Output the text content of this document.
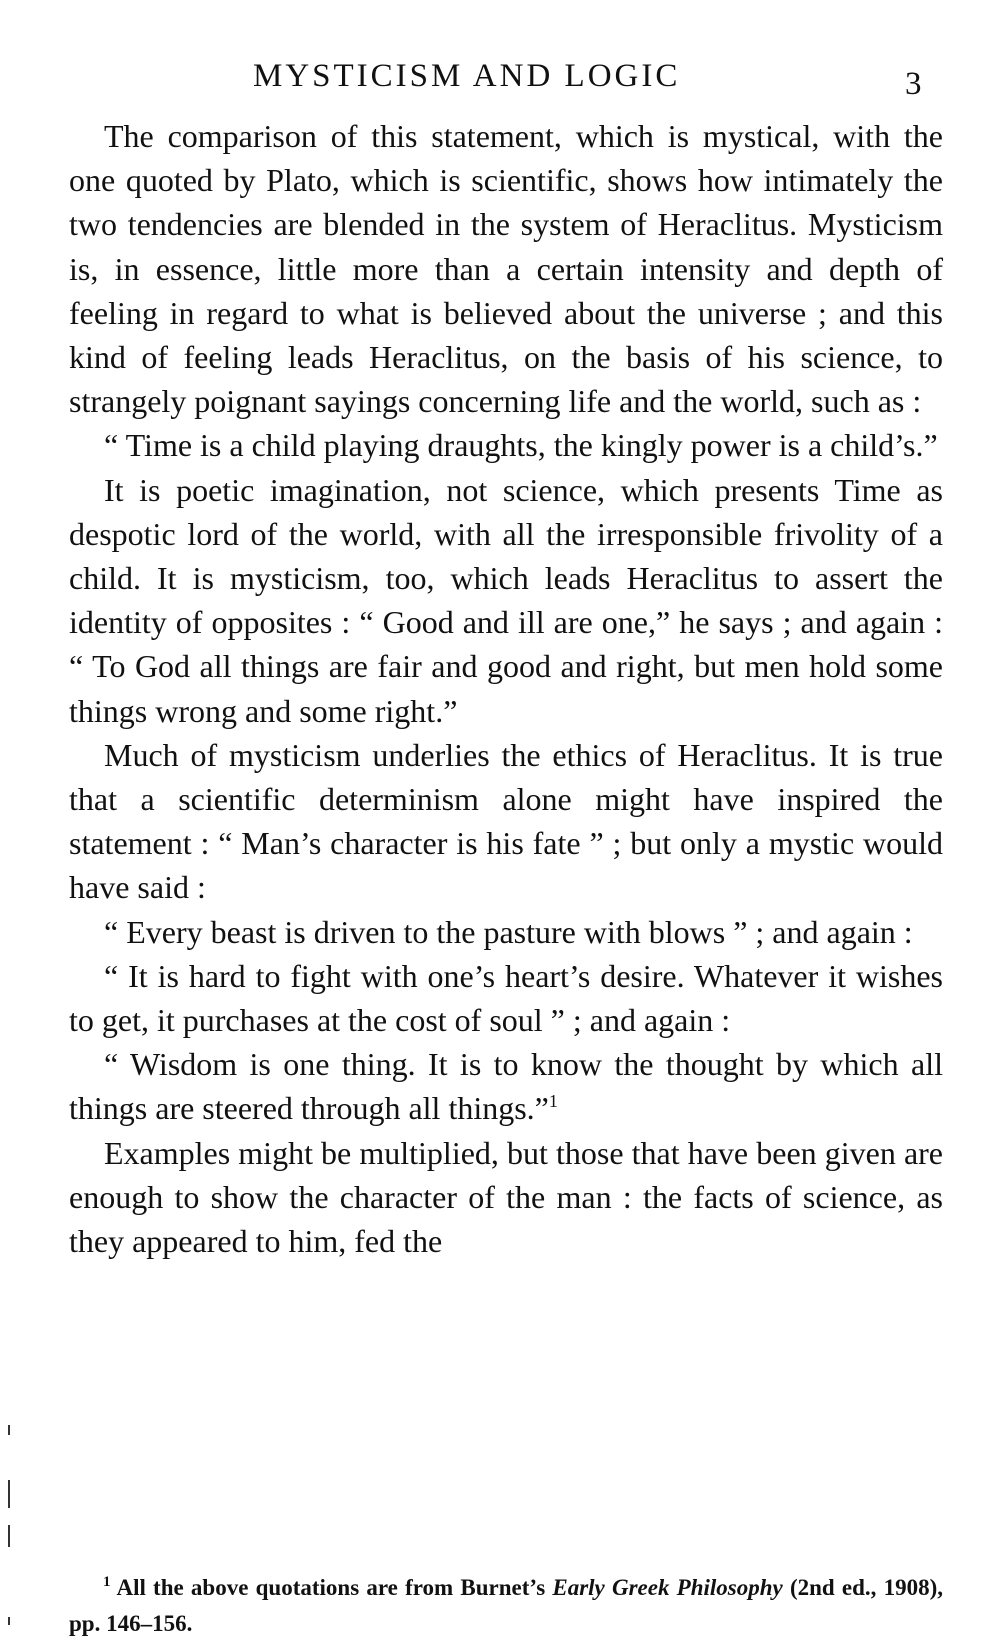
MYSTICISM AND LOGIC	3

The comparison of this statement, which is mystical, with the one quoted by Plato, which is scientific, shows how intimately the two tendencies are blended in the system of Heraclitus. Mysticism is, in essence, little more than a certain intensity and depth of feeling in regard to what is believed about the universe ; and this kind of feeling leads Heraclitus, on the basis of his science, to strangely poignant sayings concerning life and the world, such as :

“ Time is a child playing draughts, the kingly power is a child’s.”

It is poetic imagination, not science, which presents Time as despotic lord of the world, with all the irresponsible frivolity of a child. It is mysticism, too, which leads Heraclitus to assert the identity of opposites : “ Good and ill are one,” he says ; and again : “ To God all things are fair and good and right, but men hold some things wrong and some right.”

Much of mysticism underlies the ethics of Heraclitus. It is true that a scientific determinism alone might have inspired the statement : “ Man’s character is his fate ” ; but only a mystic would have said :

“ Every beast is driven to the pasture with blows ” ; and again :

“ It is hard to fight with one’s heart’s desire. Whatever it wishes to get, it purchases at the cost of soul ” ; and again :

“ Wisdom is one thing. It is to know the thought by which all things are steered through all things.”$^1$

Examples might be multiplied, but those that have been given are enough to show the character of the man : the facts of science, as they appeared to him, fed the

$^1$ All the above quotations are from Burnet’s Early Greek Philosophy (2nd ed., 1908), pp. 146–156.
